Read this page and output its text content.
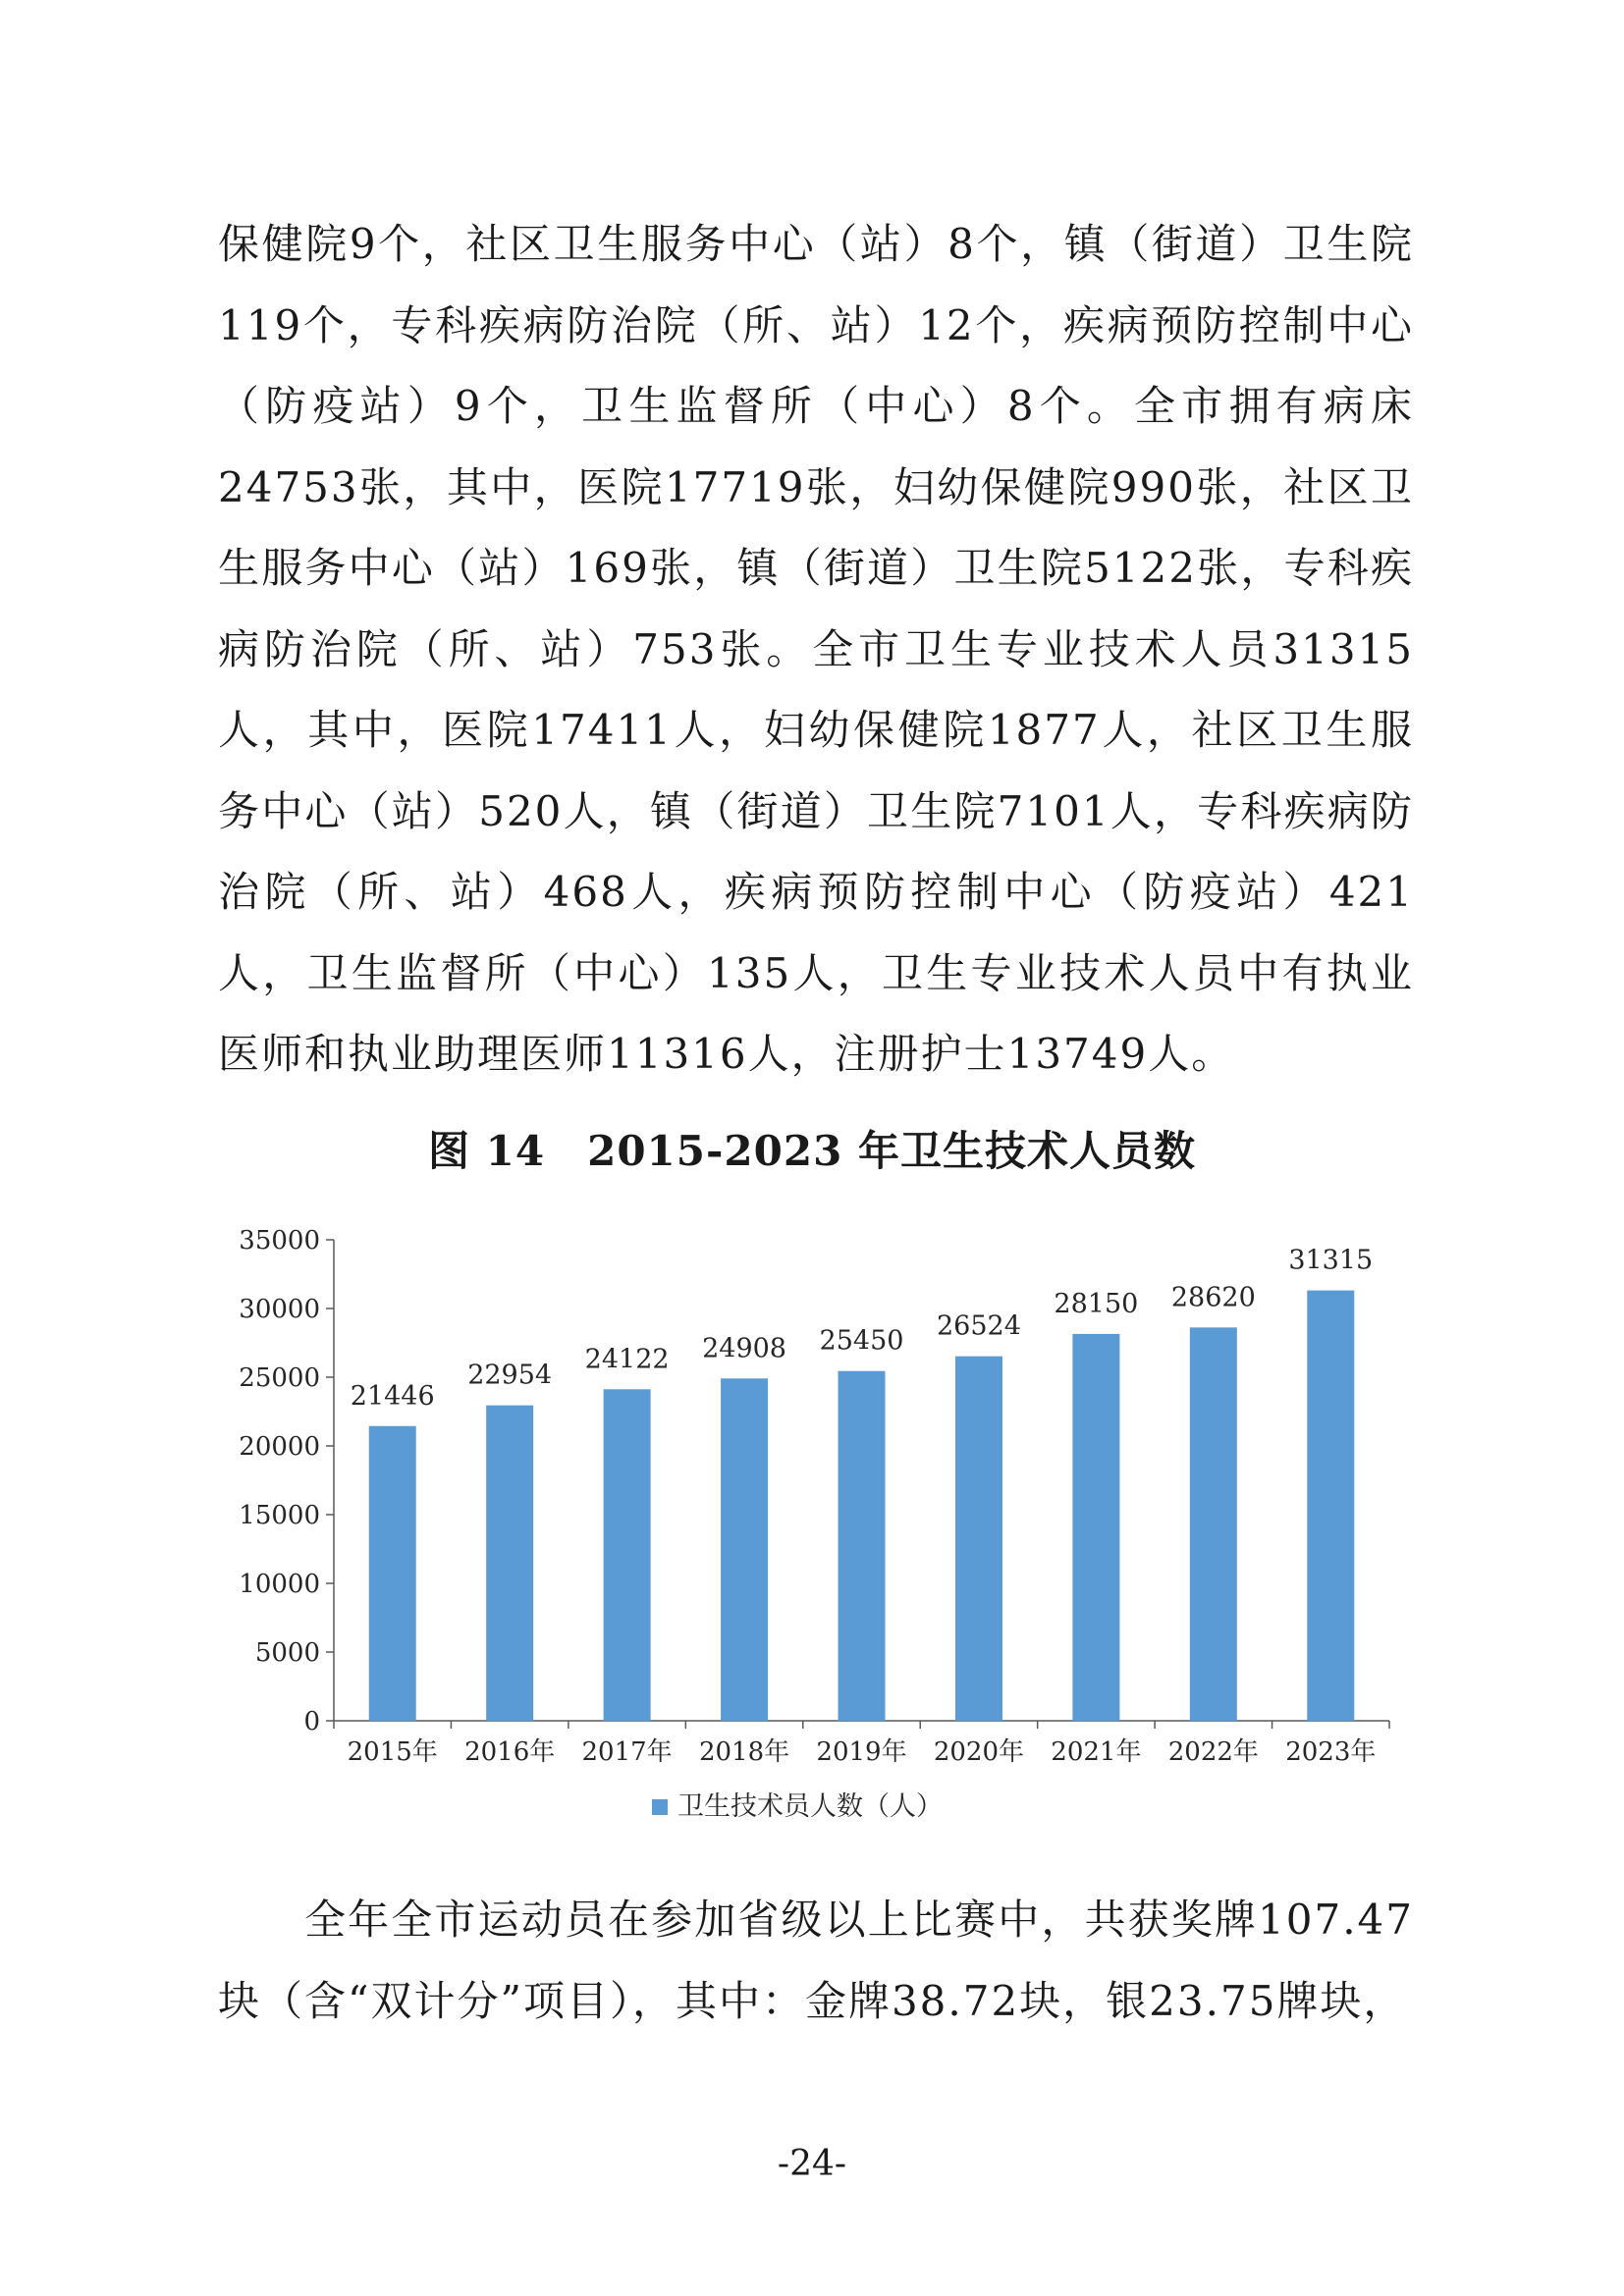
保健院9个，社区卫生服务中心（站）8个，镇（街道）卫生院119个，专科疾病防治院（所、站）12个，疾病预防控制中心（防疫站）9个，卫生监督所（中心）8个。全市拥有病床24753张，其中，医院17719张，妇幼保健院990张，社区卫生服务中心（站）169张，镇（街道）卫生院5122张，专科疾病防治院（所、站）753张。全市卫生专业技术人员31315人，其中，医院17411人，妇幼保健院1877人，社区卫生服务中心（站）520人，镇（街道）卫生院7101人，专科疾病防治院（所、站）468人，疾病预防控制中心（防疫站）421人，卫生监督所（中心）135人，卫生专业技术人员中有执业医师和执业助理医师11316人，注册护士13749人。

图 14　2015-2023 年卫生技术人员数

0
5000
10000
15000
20000
25000
30000
35000
21446
2015年
22954
2016年
24122
2017年
24908
2018年
25450
2019年
26524
2020年
28150
2021年
28620
2022年
31315
2023年
卫生技术员人数（人）

全年全市运动员在参加省级以上比赛中，共获奖牌107.47块（含“双计分”项目），其中：金牌38.72块，银23.75牌块，

-24-
